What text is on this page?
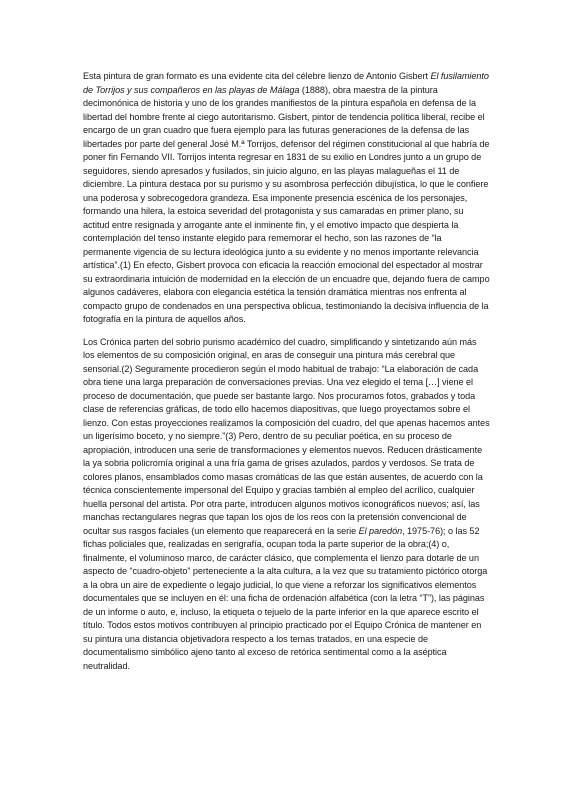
Esta pintura de gran formato es una evidente cita del célebre lienzo de Antonio Gisbert El fusilamiento de Torrijos y sus compañeros en las playas de Málaga (1888), obra maestra de la pintura decimonónica de historia y uno de los grandes manifiestos de la pintura española en defensa de la libertad del hombre frente al ciego autoritarismo. Gisbert, pintor de tendencia política liberal, recibe el encargo de un gran cuadro que fuera ejemplo para las futuras generaciones de la defensa de las libertades por parte del general José M.ª Torrijos, defensor del régimen constitucional al que habría de poner fin Fernando VII. Torrijos intenta regresar en 1831 de su exilio en Londres junto a un grupo de seguidores, siendo apresados y fusilados, sin juicio alguno, en las playas malagueñas el 11 de diciembre. La pintura destaca por su purismo y su asombrosa perfección dibujística, lo que le confiere una poderosa y sobrecogedora grandeza. Esa imponente presencia escénica de los personajes, formando una hilera, la estoica severidad del protagonista y sus camaradas en primer plano, su actitud entre resignada y arrogante ante el inminente fin, y el emotivo impacto que despierta la contemplación del tenso instante elegido para rememorar el hecho, son las razones de “la permanente vigencia de su lectura ideológica junto a su evidente y no menos importante relevancia artística”.(1) En efecto, Gisbert provoca con eficacia la reacción emocional del espectador al mostrar su extraordinaria intuición de modernidad en la elección de un encuadre que, dejando fuera de campo algunos cadáveres, elabora con elegancia estética la tensión dramática mientras nos enfrenta al compacto grupo de condenados en una perspectiva oblicua, testimoniando la decisiva influencia de la fotografía en la pintura de aquellos años.

Los Crónica parten del sobrio purismo académico del cuadro, simplificando y sintetizando aún más los elementos de su composición original, en aras de conseguir una pintura más cerebral que sensorial.(2) Seguramente procedieron según el modo habitual de trabajo: “La elaboración de cada obra tiene una larga preparación de conversaciones previas. Una vez elegido el tema […] viene el proceso de documentación, que puede ser bastante largo. Nos procuramos fotos, grabados y toda clase de referencias gráficas, de todo ello hacemos diapositivas, que luego proyectamos sobre el lienzo. Con estas proyecciones realizamos la composición del cuadro, del que apenas hacemos antes un ligerísimo boceto, y no siempre.”(3) Pero, dentro de su peculiar poética, en su proceso de apropiación, introducen una serie de transformaciones y elementos nuevos. Reducen drásticamente la ya sobria policromía original a una fría gama de grises azulados, pardos y verdosos. Se trata de colores planos, ensamblados como masas cromáticas de las que están ausentes, de acuerdo con la técnica conscientemente impersonal del Equipo y gracias también al empleo del acrílico, cualquier huella personal del artista. Por otra parte, introducen algunos motivos iconográficos nuevos; así, las manchas rectangulares negras que tapan los ojos de los reos con la pretensión convencional de ocultar sus rasgos faciales (un elemento que reaparecerá en la serie El paredón, 1975-76); o las 52 fichas policiales que, realizadas en serigrafía, ocupan toda la parte superior de la obra;(4) o, finalmente, el voluminoso marco, de carácter clásico, que complementa el lienzo para dotarle de un aspecto de “cuadro-objeto” perteneciente a la alta cultura, a la vez que su tratamiento pictórico otorga a la obra un aire de expediente o legajo judicial, lo que viene a reforzar los significativos elementos documentales que se incluyen en él: una ficha de ordenación alfabética (con la letra “T”), las páginas de un informe o auto, e, incluso, la etiqueta o tejuelo de la parte inferior en la que aparece escrito el título. Todos estos motivos contribuyen al principio practicado por el Equipo Crónica de mantener en su pintura una distancia objetivadora respecto a los temas tratados, en una especie de documentalismo simbólico ajeno tanto al exceso de retórica sentimental como a la aséptica neutralidad.
